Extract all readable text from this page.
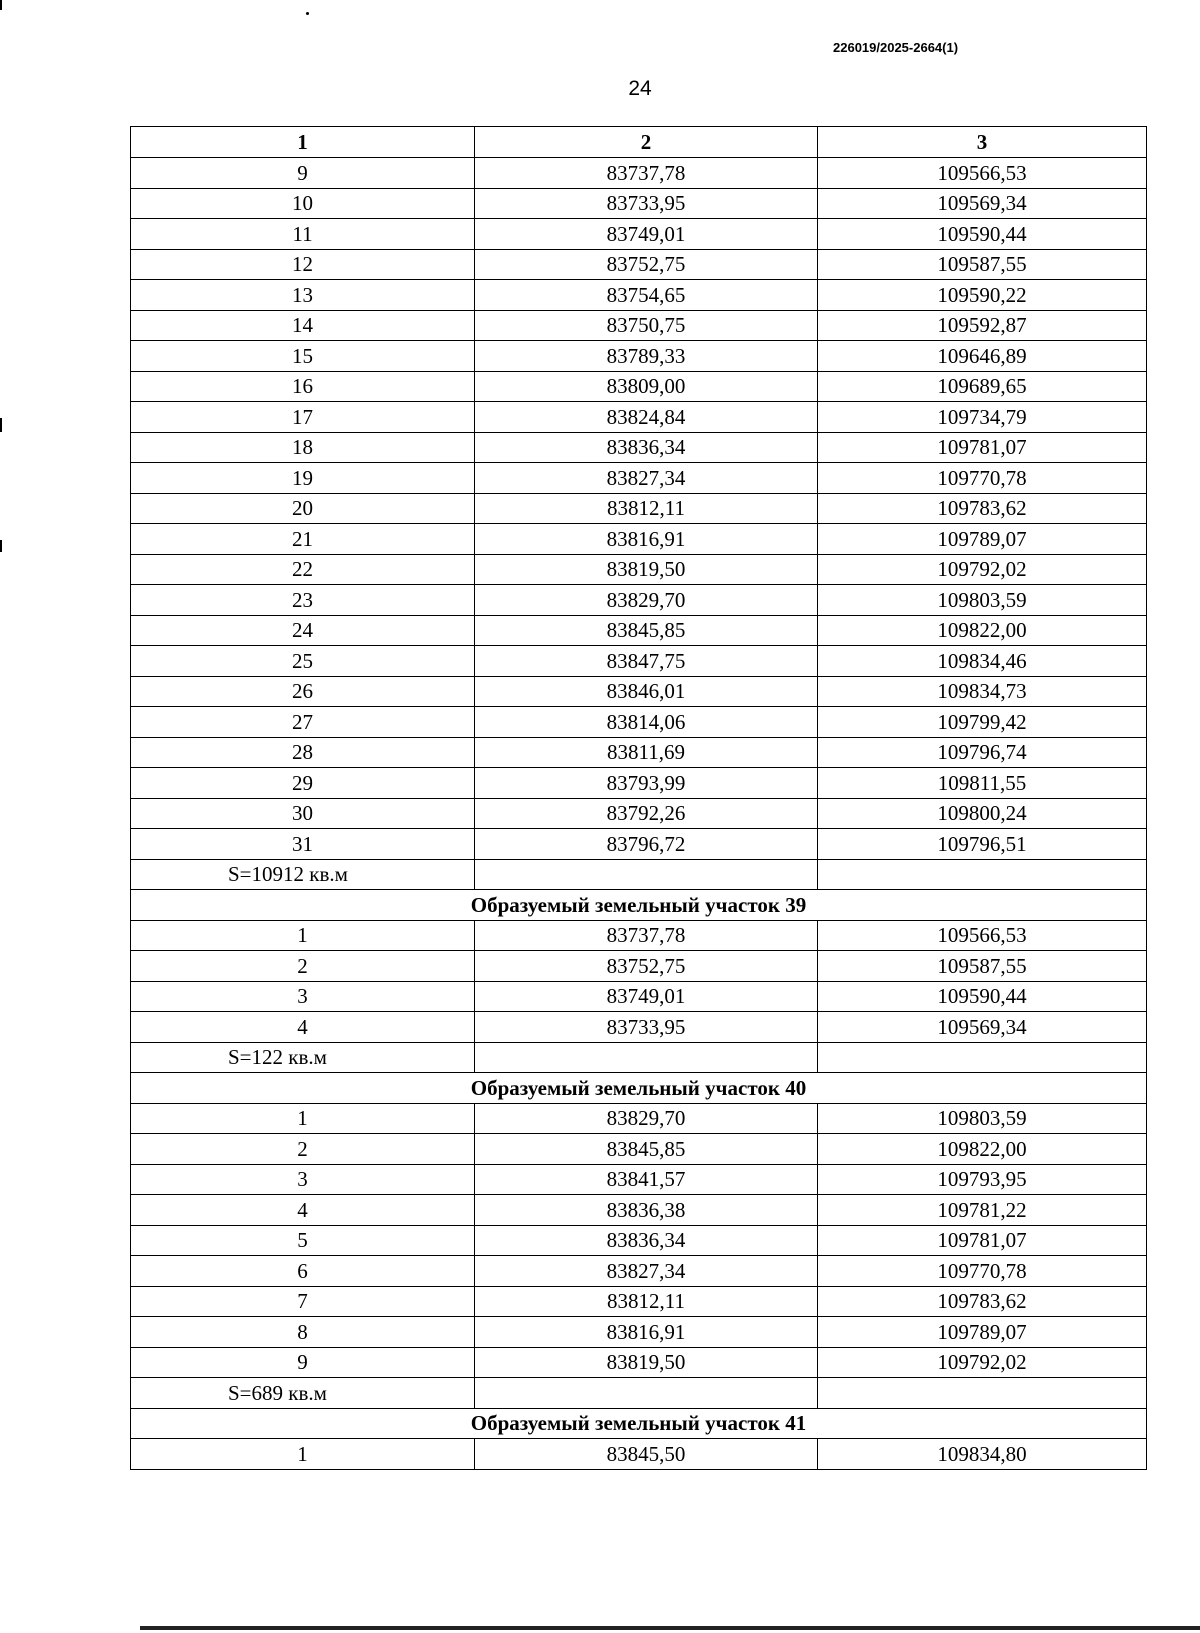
226019/2025-2664(1)
24
1	2	3
9	83737,78	109566,53
10	83733,95	109569,34
11	83749,01	109590,44
12	83752,75	109587,55
13	83754,65	109590,22
14	83750,75	109592,87
15	83789,33	109646,89
16	83809,00	109689,65
17	83824,84	109734,79
18	83836,34	109781,07
19	83827,34	109770,78
20	83812,11	109783,62
21	83816,91	109789,07
22	83819,50	109792,02
23	83829,70	109803,59
24	83845,85	109822,00
25	83847,75	109834,46
26	83846,01	109834,73
27	83814,06	109799,42
28	83811,69	109796,74
29	83793,99	109811,55
30	83792,26	109800,24
31	83796,72	109796,51
S=10912 кв.м		
Образуемый земельный участок 39		
1	83737,78	109566,53
2	83752,75	109587,55
3	83749,01	109590,44
4	83733,95	109569,34
S=122 кв.м		
Образуемый земельный участок 40		
1	83829,70	109803,59
2	83845,85	109822,00
3	83841,57	109793,95
4	83836,38	109781,22
5	83836,34	109781,07
6	83827,34	109770,78
7	83812,11	109783,62
8	83816,91	109789,07
9	83819,50	109792,02
S=689 кв.м		
Образуемый земельный участок 41		
1	83845,50	109834,80
